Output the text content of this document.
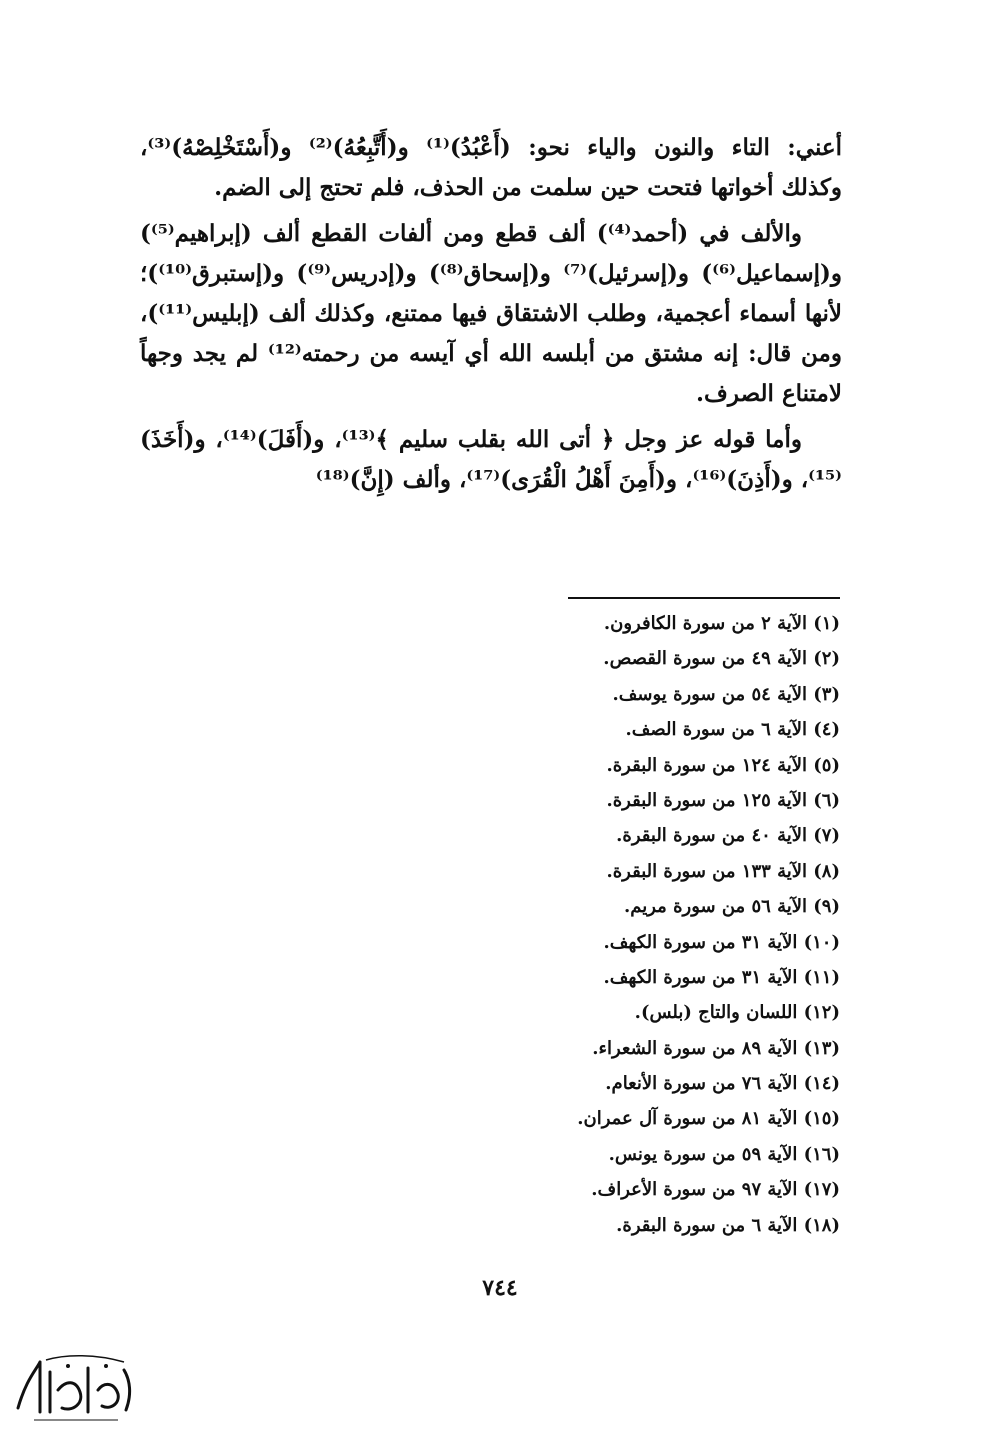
أعني: التاء والنون والياء نحو: (أَعْبُدُ)⁽¹⁾ و(أَتَّبِعُهُ)⁽²⁾ و(أَسْتَخْلِصْهُ)⁽³⁾، وكذلك أخواتها فتحت حين سلمت من الحذف، فلم تحتج إلى الضم.

والألف في (أحمد⁽⁴⁾) ألف قطع ومن ألفات القطع ألف (إبراهيم⁽⁵⁾) و(إسماعيل⁽⁶⁾) و(إسرئيل)⁽⁷⁾ و(إسحاق⁽⁸⁾) و(إدريس⁽⁹⁾) و(إستبرق⁽¹⁰⁾)؛ لأنها أسماء أعجمية، وطلب الاشتقاق فيها ممتنع، وكذلك ألف (إبليس⁽¹¹⁾)، ومن قال: إنه مشتق من أبلسه الله أي آيسه من رحمته⁽¹²⁾ لم يجد وجهاً لامتناع الصرف.

وأما قوله عز وجل ﴿ أتى الله بقلب سليم ﴾⁽¹³⁾، و(أَفَلَ)⁽¹⁴⁾، و(أَخَذَ)⁽¹⁵⁾، و(أَذِنَ)⁽¹⁶⁾، و(أَمِنَ أَهْلُ الْقُرَى)⁽¹⁷⁾، وألف (إِنَّ)⁽¹⁸⁾

(١) الآية ٢ من سورة الكافرون.
(٢) الآية ٤٩ من سورة القصص.
(٣) الآية ٥٤ من سورة يوسف.
(٤) الآية ٦ من سورة الصف.
(٥) الآية ١٢٤ من سورة البقرة.
(٦) الآية ١٢٥ من سورة البقرة.
(٧) الآية ٤٠ من سورة البقرة.
(٨) الآية ١٣٣ من سورة البقرة.
(٩) الآية ٥٦ من سورة مريم.
(١٠) الآية ٣١ من سورة الكهف.
(١١) الآية ٣١ من سورة الكهف.
(١٢) اللسان والتاج (بلس).
(١٣) الآية ٨٩ من سورة الشعراء.
(١٤) الآية ٧٦ من سورة الأنعام.
(١٥) الآية ٨١ من سورة آل عمران.
(١٦) الآية ٥٩ من سورة يونس.
(١٧) الآية ٩٧ من سورة الأعراف.
(١٨) الآية ٦ من سورة البقرة.
٧٤٤
